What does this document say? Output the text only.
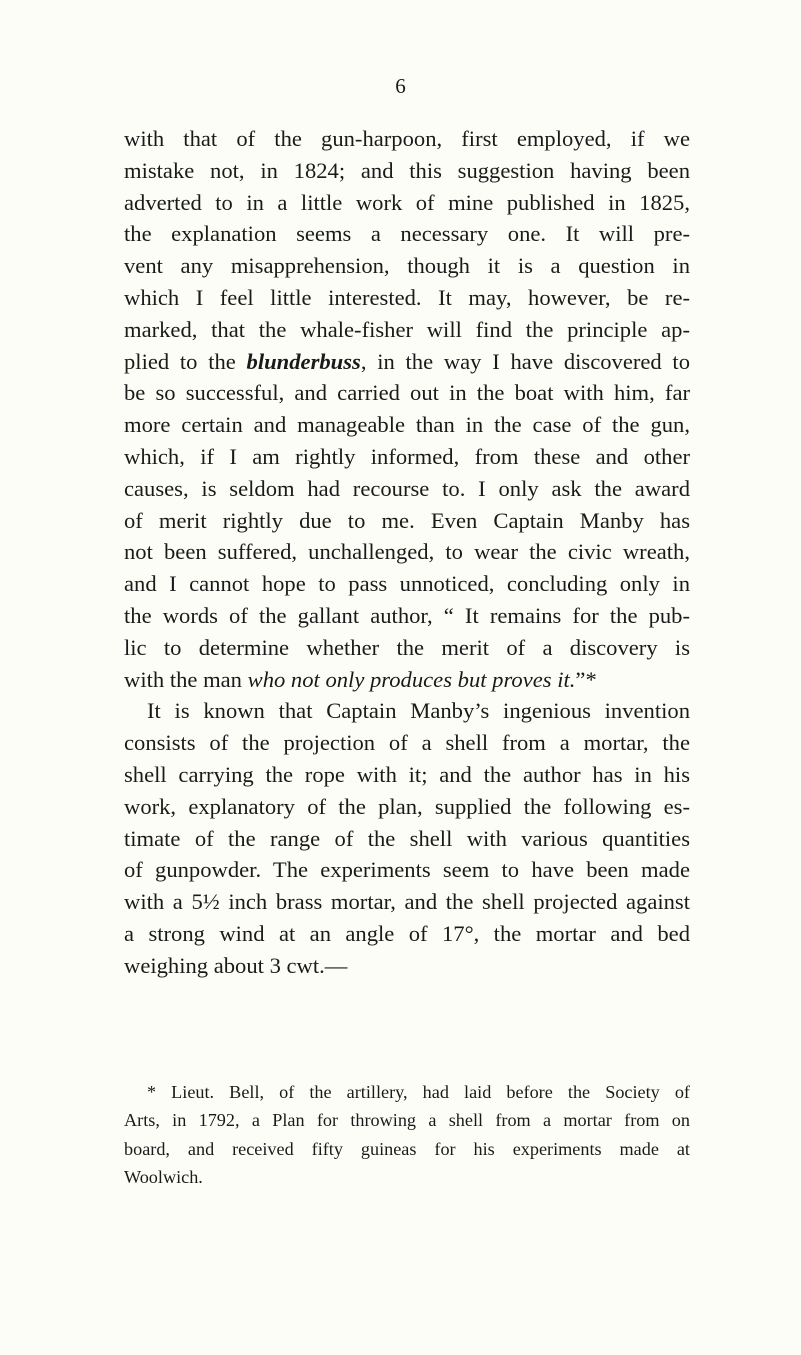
6
with that of the gun-harpoon, first employed, if we
mistake not, in 1824; and this suggestion having been
adverted to in a little work of mine published in 1825,
the explanation seems a necessary one. It will pre-
vent any misapprehension, though it is a question in
which I feel little interested. It may, however, be re-
marked, that the whale-fisher will find the principle ap-
plied to the blunderbuss, in the way I have discovered to
be so successful, and carried out in the boat with him, far
more certain and manageable than in the case of the gun,
which, if I am rightly informed, from these and other
causes, is seldom had recourse to. I only ask the award
of merit rightly due to me. Even Captain Manby has
not been suffered, unchallenged, to wear the civic wreath,
and I cannot hope to pass unnoticed, concluding only in
the words of the gallant author, “ It remains for the pub-
lic to determine whether the merit of a discovery is
with the man who not only produces but proves it.”*
It is known that Captain Manby’s ingenious invention
consists of the projection of a shell from a mortar, the
shell carrying the rope with it; and the author has in his
work, explanatory of the plan, supplied the following es-
timate of the range of the shell with various quantities
of gunpowder. The experiments seem to have been made
with a 5½ inch brass mortar, and the shell projected against
a strong wind at an angle of 17°, the mortar and bed
weighing about 3 cwt.—
* Lieut. Bell, of the artillery, had laid before the Society of
Arts, in 1792, a Plan for throwing a shell from a mortar from on
board, and received fifty guineas for his experiments made at
Woolwich.
